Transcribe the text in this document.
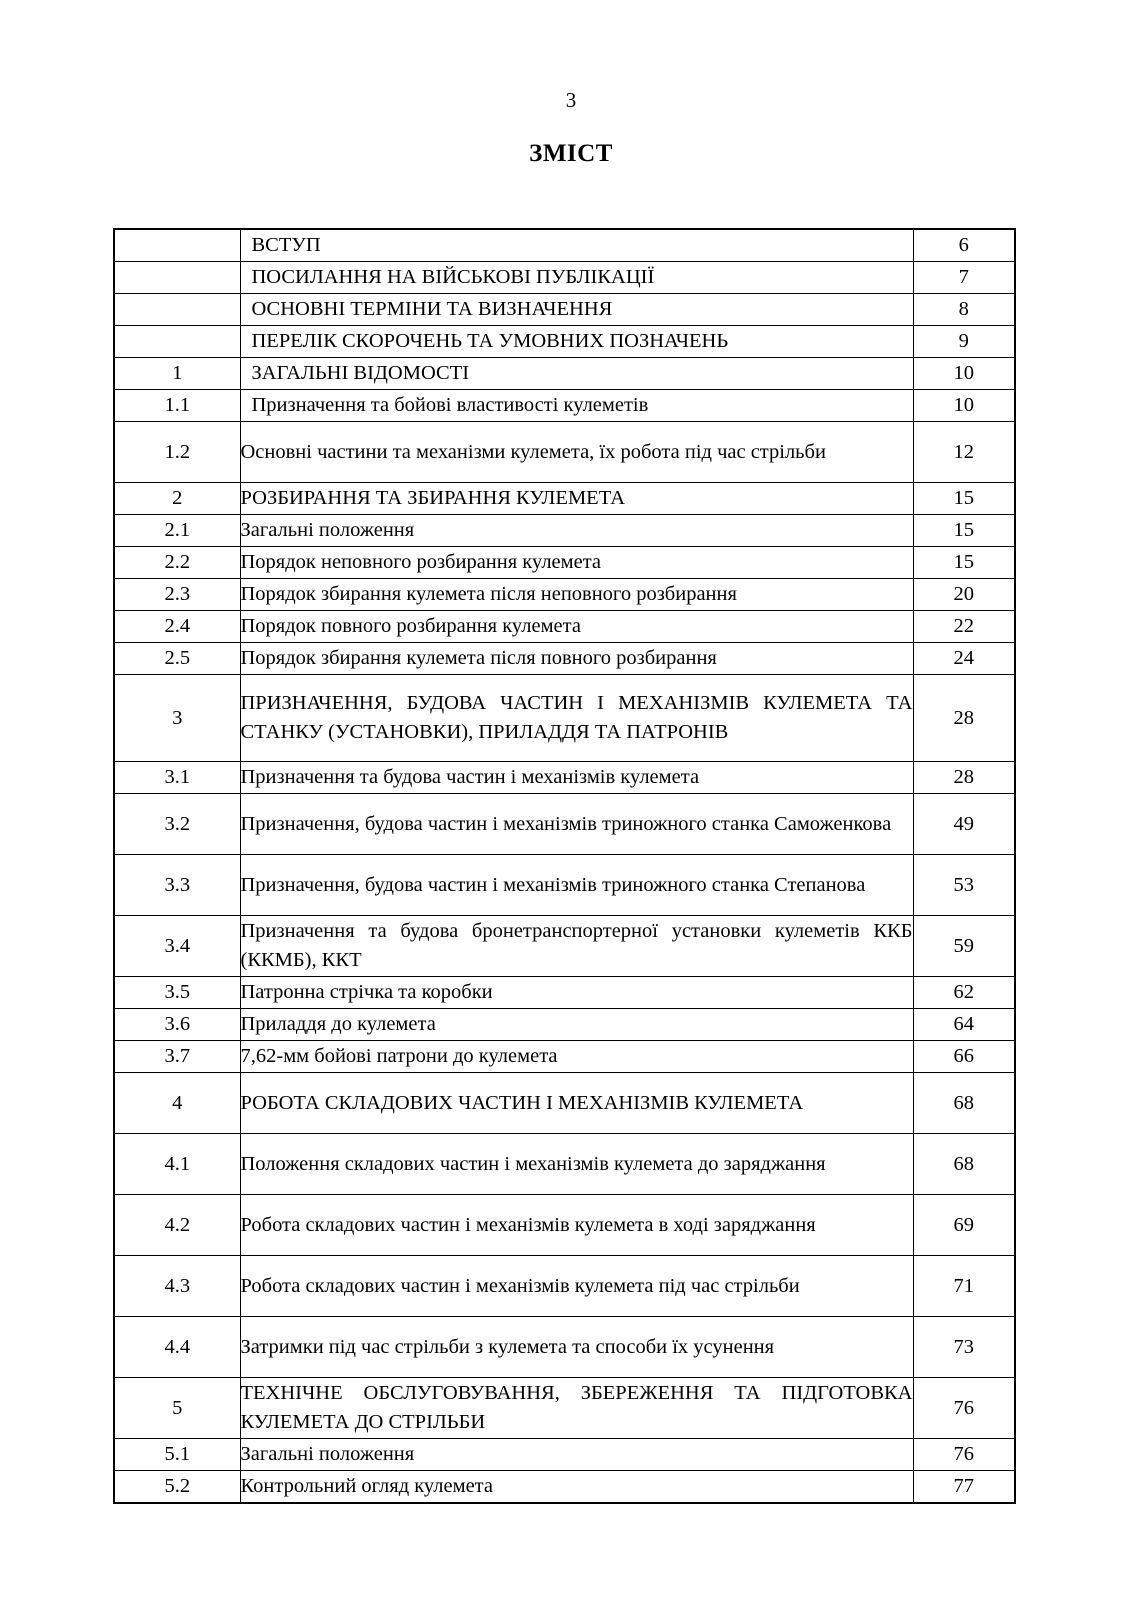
3
ЗМІСТ

	ВСТУП	6

	ПОСИЛАННЯ НА ВІЙСЬКОВІ ПУБЛІКАЦІЇ	7

	ОСНОВНІ ТЕРМІНИ ТА ВИЗНАЧЕННЯ	8

	ПЕРЕЛІК СКОРОЧЕНЬ ТА УМОВНИХ ПОЗНАЧЕНЬ	9
1	ЗАГАЛЬНІ ВІДОМОСТІ	10
1.1	Призначення та бойові властивості кулеметів	10
1.2	Основні частини та механізми кулемета, їх робота під час стрільби	12
2	РОЗБИРАННЯ ТА ЗБИРАННЯ КУЛЕМЕТА	15
2.1	Загальні положення	15
2.2	Порядок неповного розбирання кулемета	15
2.3	Порядок збирання кулемета після неповного розбирання	20
2.4	Порядок повного розбирання кулемета	22
2.5	Порядок збирання кулемета після повного розбирання	24
3	ПРИЗНАЧЕННЯ, БУДОВА ЧАСТИН І МЕХАНІЗМІВ КУЛЕМЕТА ТА СТАНКУ (УСТАНОВКИ), ПРИЛАДДЯ ТА ПАТРОНІВ	28
3.1	Призначення та будова частин і механізмів кулемета	28
3.2	Призначення, будова частин і механізмів триножного станка Саможенкова	49
3.3	Призначення, будова частин і механізмів триножного станка Степанова	53
3.4	Призначення та будова бронетранспортерної установки кулеметів ККБ (ККМБ), ККТ	59
3.5	Патронна стрічка та коробки	62
3.6	Приладдя до кулемета	64
3.7	7,62-мм бойові патрони до кулемета	66
4	РОБОТА СКЛАДОВИХ ЧАСТИН І МЕХАНІЗМІВ КУЛЕМЕТА	68
4.1	Положення складових частин і механізмів кулемета до заряджання	68
4.2	Робота складових частин і механізмів кулемета в ході заряджання	69
4.3	Робота складових частин і механізмів кулемета під час стрільби	71
4.4	Затримки під час стрільби з кулемета та способи їх усунення	73
5	ТЕХНІЧНЕ ОБСЛУГОВУВАННЯ, ЗБЕРЕЖЕННЯ ТА ПІДГОТОВКА КУЛЕМЕТА ДО СТРІЛЬБИ	76
5.1	Загальні положення	76
5.2	Контрольний огляд кулемета	77
